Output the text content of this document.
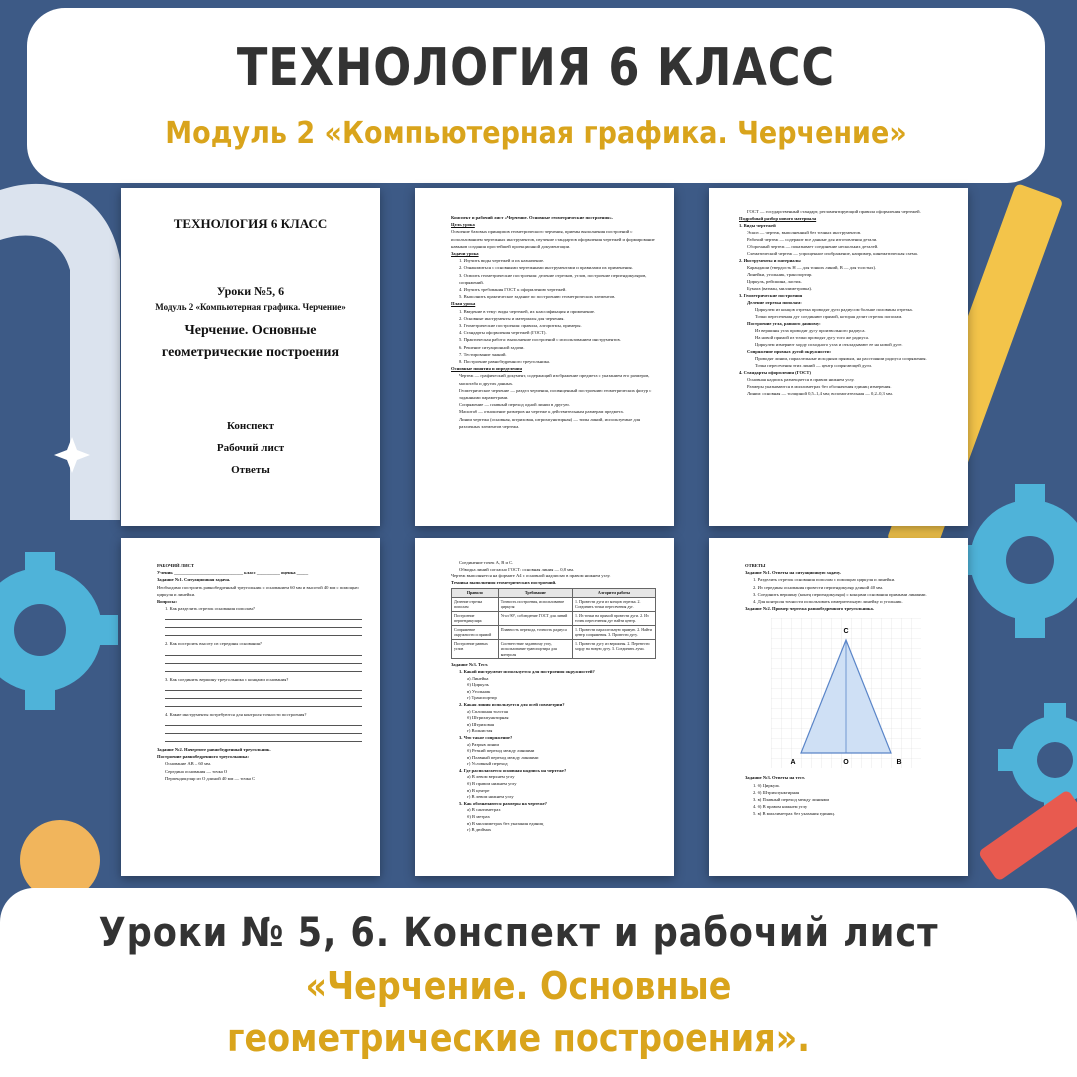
ТЕХНОЛОГИЯ 6 КЛАСС
Модуль 2 «Компьютерная графика. Черчение»
ТЕХНОЛОГИЯ 6 КЛАСС
Уроки №5, 6
Модуль 2 «Компьютерная графика. Черчение»
Черчение. Основные геометрические построения
Конспект
Рабочий лист
Ответы

Конспект и рабочий лист «Черчение. Основные геометрические построения».

Цель урока

Освоение базовых принципов геометрического черчения, приемы выполнения построений с использованием чертежных инструментов, изучение стандартов оформления чертежей и формирование навыков создания простейшей проекционной документации.

Задачи урока

1. Изучить виды чертежей и их назначение.

2. Ознакомиться с основными чертежными инструментами и правилами их применения.

3. Освоить геометрические построения: деление отрезков, углов, построение перпендикуляров, сопряжений.

4. Изучить требования ГОСТ к оформлению чертежей.

5. Выполнить практическое задание по построению геометрических элементов.

План урока

1. Введение в тему: виды чертежей, их классификация и применение.

2. Основные инструменты и материалы для черчения.

3. Геометрические построения: правила, алгоритмы, примеры.

4. Стандарты оформления чертежей (ГОСТ).

5. Практическая работа: выполнение построений с использованием инструментов.

6. Решение ситуационной задачи.

7. Тестирование знаний.

8. Построение равнобедренного треугольника.

Основные понятия и определения

Чертеж — графический документ, содержащий изображение предмета с указанием его размеров, масштаба и других данных.

Геометрическое черчение — раздел черчения, посвященный построению геометрических фигур с заданными параметрами.

Сопряжение — плавный переход одной линии в другую.

Масштаб — отношение размеров на чертеже к действительным размерам предмета.

Линии чертежа (основная, штриховая, штрихпунктирная) — типы линий, используемые для различных элементов чертежа.

ГОСТ — государственный стандарт, регламентирующий правила оформления чертежей.

Подробный разбор нового материала

1. Виды чертежей

Эскиз — чертеж, выполненный без точных инструментов.

Рабочий чертеж — содержит все данные для изготовления детали.

Сборочный чертеж — показывает соединение нескольких деталей.

Схематический чертеж — упрощенное изображение, например, кинематическая схема.

2. Инструменты и материалы

Карандаши (твердость Н — для тонких линий, В — для толстых).

Линейки, угольник, транспортир.

Циркуль, рейсшина, ластик.

Бумага (ватман, миллиметровка).

3. Геометрические построения

Деление отрезка пополам:

Циркулем из концов отрезка проводят дуги радиусом больше половины отрезка.

Точки пересечения дуг соединяют прямой, которая делит отрезок пополам.

Построение угла, равного данному:

Из вершины угла проводят дугу произвольного радиуса.

На новой прямой из точки проводят дугу того же радиуса.

Циркулем измеряют хорду исходного угла и откладывают ее на новой дуге.

Сопряжение прямых дугой окружности:

Проводят линии, параллельные исходным прямым, на расстоянии радиуса сопряжения.

Точка пересечения этих линий — центр сопрягающей дуги.

4. Стандарты оформления (ГОСТ)

Основная надпись размещается в правом нижнем углу.

Размеры указываются в миллиметрах без обозначения единиц измерения.

Линии: основная — толщиной 0,5–1,4 мм; вспомогательная — 0,2–0,3 мм.

РАБОЧИЙ ЛИСТ

Ученик ______________________________ класс __________ оценка _____

Задание №1. Ситуационная задача.

Необходимо построить равнобедренный треугольник с основанием 60 мм и высотой 40 мм с помощью циркуля и линейки.

Вопросы:

1. Как разделить отрезок основания пополам?

2. Как построить высоту из середины основания?

3. Как соединить вершину треугольника с концами основания?

4. Какие инструменты потребуются для контроля точности построения?

Задание №2. Начертите равнобедренный треугольник.

Построение равнобедренного треугольника:

Основание АВ – 60 мм.

Середина основания — точка О

Перпендикуляр из О длиной 40 мм — точка С

Соединение точек А, В и С.

Обводка линий согласно ГОСТ: основная линия — 0,8 мм.

Чертеж выполняется на формате А4 с основной надписью в правом нижнем углу.

Техника выполнения геометрических построений.

Правило	Требование	Алгоритм работы
Деление отрезка пополам	Точность построения, использование циркуля	1. Провести дуги из концов отрезка. 2. Соединить точки пересечения дуг.
Построение перпендикуляра	Угол 90°, соблюдение ГОСТ для линий	1. Из точки на прямой провести дуги. 2. Из точек пересечения дуг найти центр.
Сопряжение окружности и прямой	Плавность перехода, точность радиуса	1. Провести параллельную прямую. 2. Найти центр сопряжения. 3. Провести дугу.
Построение равных углов	Соответствие заданному углу, использование транспортира для контроля	1. Провести дугу из вершины. 2. Перенести хорду на новую дугу. 3. Соединить лучи.

Задание №3. Тест.

1. Какой инструмент используется для построения окружностей?

а) Линейка

б) Циркуль

в) Угольник

г) Транспортир

2. Какая линия используется для осей симметрии?

а) Сплошная толстая

б) Штрихпунктирная

в) Штриховая

г) Волнистая

3. Что такое сопряжение?

а) Разрыв линии

б) Резкий переход между линиями

в) Плавный переход между линиями

г) Условный переход

4. Где располагается основная надпись на чертеже?

а) В левом верхнем углу

б) В правом нижнем углу

в) В центре

г) В левом нижнем углу

5. Как обозначаются размеры на чертеже?

а) В сантиметрах

б) В метрах

в) В миллиметрах без указания единиц

г) В дюймах

ОТВЕТЫ

Задание №1. Ответы на ситуационную задачу.

1. Разделить отрезок основания пополам с помощью циркуля и линейки.

2. Из середины основания провести перпендикуляр длиной 40 мм.

3. Соединить вершину (конец перпендикуляра) с концами основания прямыми линиями.

4. Для контроля точности использовать измерительную линейку и угольник.

Задание №2. Пример чертежа равнобедренного треугольника.

C
A	O	B

Задание №3. Ответы на тест.

1. б) Циркуль

2. б) Штрихпунктирная

3. в) Плавный переход между линиями

4. б) В правом нижнем углу

5. в) В миллиметрах без указания единиц.

Уроки № 5, 6. Конспект и рабочий лист
«Черчение. Основные
геометрические построения».
